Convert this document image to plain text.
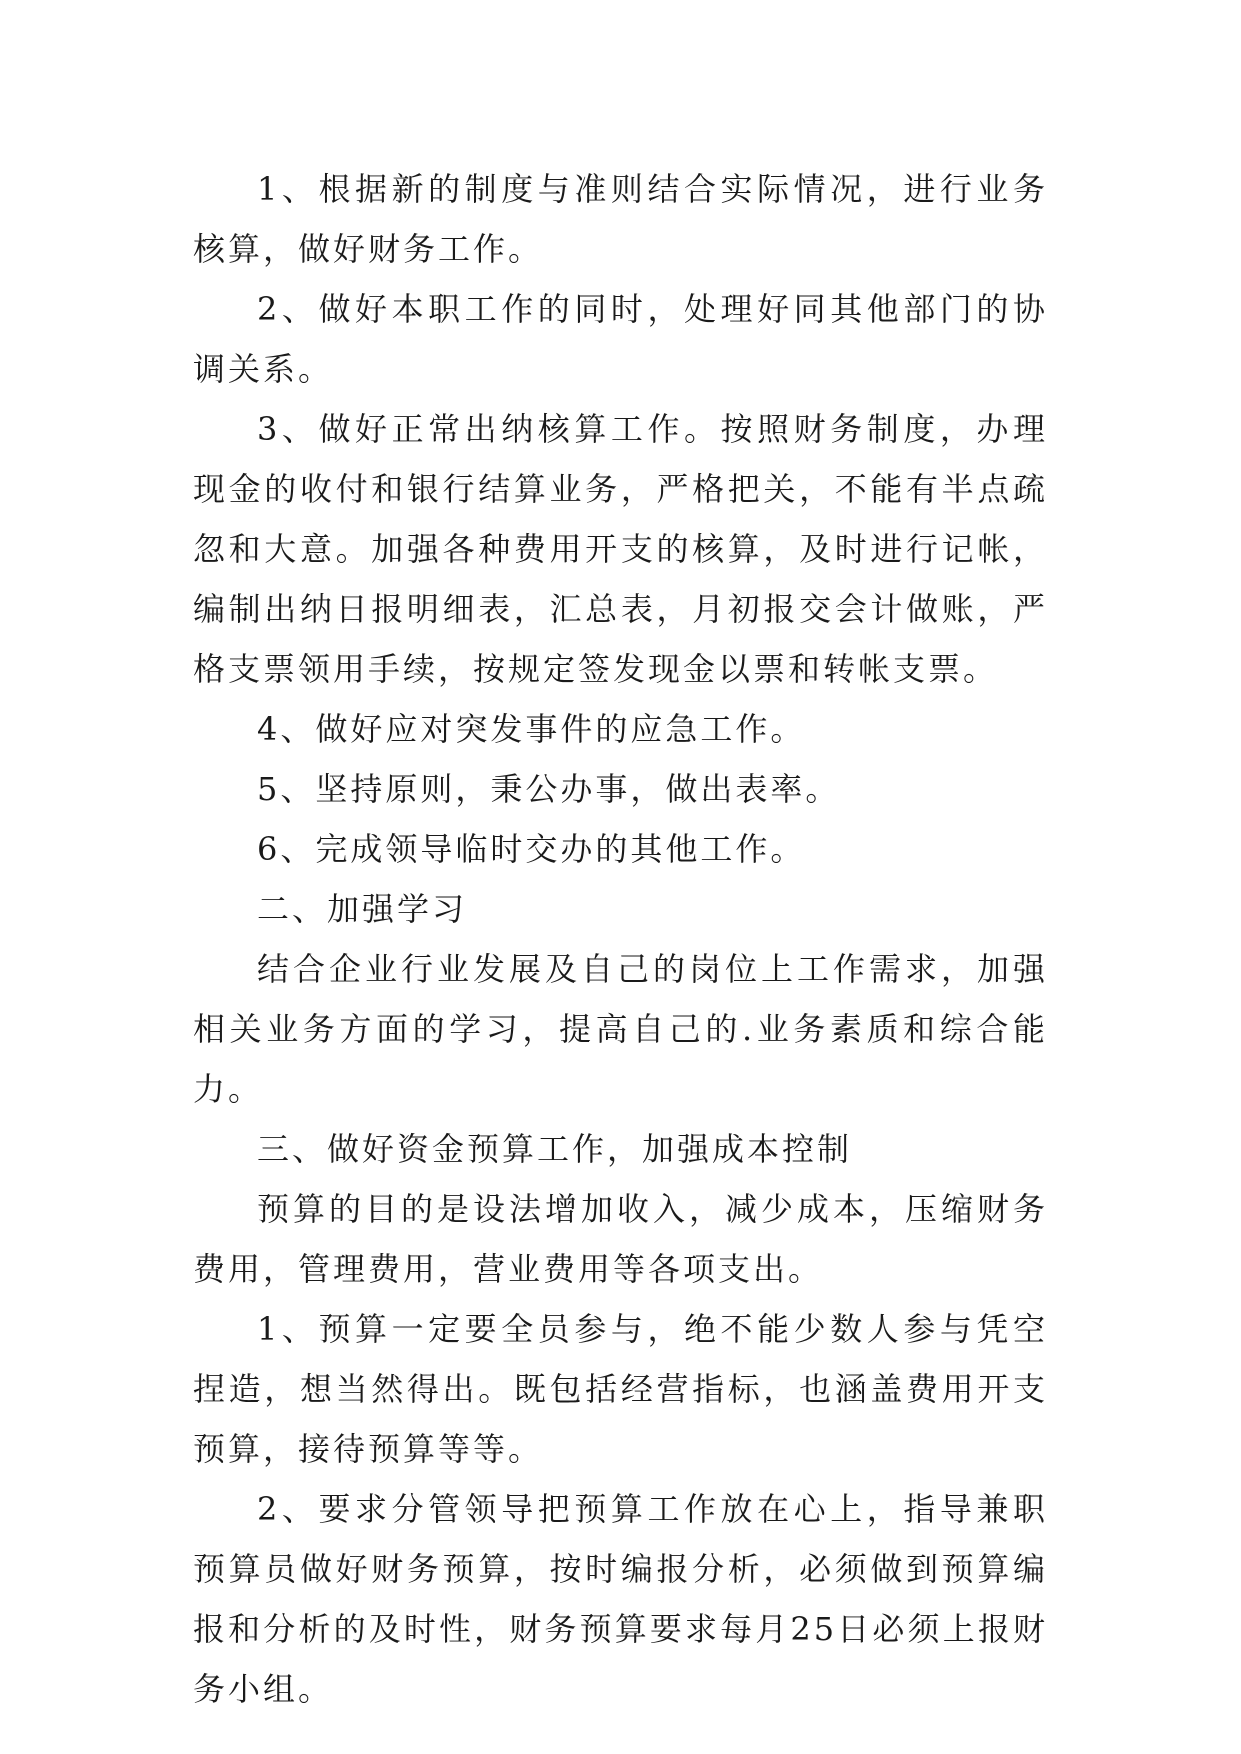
1、根据新的制度与准则结合实际情况，进行业务核算，做好财务工作。

2、做好本职工作的同时，处理好同其他部门的协调关系。

3、做好正常出纳核算工作。按照财务制度，办理现金的收付和银行结算业务，严格把关，不能有半点疏忽和大意。加强各种费用开支的核算，及时进行记帐，编制出纳日报明细表，汇总表，月初报交会计做账，严格支票领用手续，按规定签发现金以票和转帐支票。

4、做好应对突发事件的应急工作。

5、坚持原则，秉公办事，做出表率。

6、完成领导临时交办的其他工作。

二、加强学习

结合企业行业发展及自己的岗位上工作需求，加强相关业务方面的学习，提高自己的.业务素质和综合能力。

三、做好资金预算工作，加强成本控制

预算的目的是设法增加收入，减少成本，压缩财务费用，管理费用，营业费用等各项支出。

1、预算一定要全员参与，绝不能少数人参与凭空捏造，想当然得出。既包括经营指标，也涵盖费用开支预算，接待预算等等。

2、要求分管领导把预算工作放在心上，指导兼职预算员做好财务预算，按时编报分析，必须做到预算编报和分析的及时性，财务预算要求每月25日必须上报财务小组。
